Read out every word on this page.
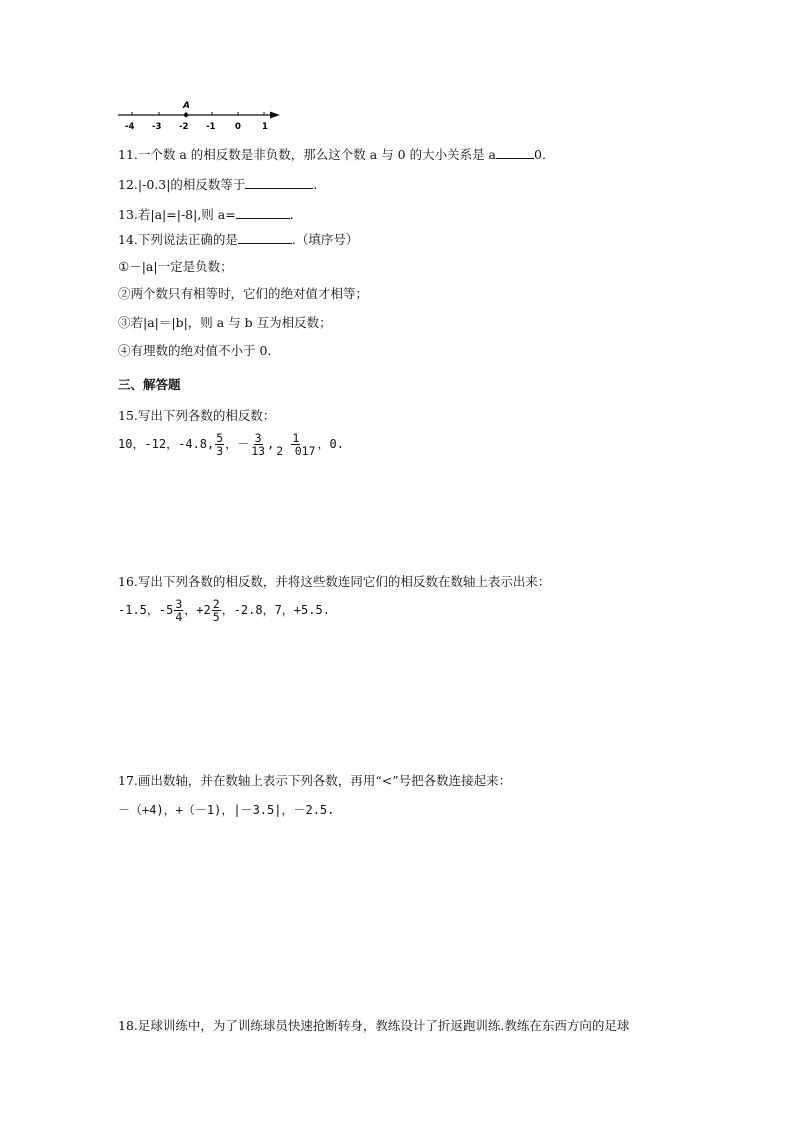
A
-4 -3 -2 -1 0 1
11.一个数 a 的相反数是非负数，那么这个数 a 与 0 的大小关系是 a	0.
12.|-0.3|的相反数等于	.
13.若|a|=|-8|,则 a=	.
14.下列说法正确的是	.（填序号）
①－|a|一定是负数；
②两个数只有相等时，它们的绝对值才相等；
③若|a|＝|b|，则 a 与 b 互为相反数；
④有理数的绝对值不小于 0.
三、解答题
15.写出下列各数的相反数：
10，-12，-4.8, $\frac{5}{3}$ ，－ $\frac{3}{13}$ , $\frac{1}{2 017}$ ，0.
16.写出下列各数的相反数，并将这些数连同它们的相反数在数轴上表示出来：
-1.5，$-5 \frac{3}{4}$ ，$+2 \frac{2}{5}$ ，-2.8，7，+5.5.
17.画出数轴，并在数轴上表示下列各数，再用“<”号把各数连接起来：
－（+4)，+（－1)，|－3.5|，－2.5.
18.足球训练中，为了训练球员快速抢断转身，教练设计了折返跑训练.教练在东西方向的足球
